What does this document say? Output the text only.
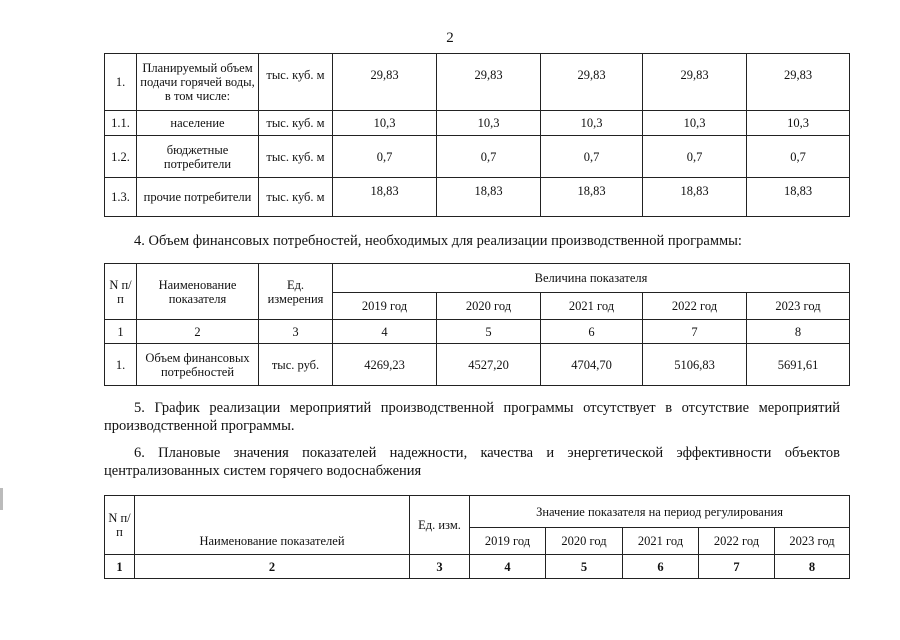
2
1.	Планируемый объем подачи горячей воды, в том числе:	тыс. куб. м	29,83	29,83	29,83	29,83	29,83
1.1.	население	тыс. куб. м	10,3	10,3	10,3	10,3	10,3
1.2.	бюджетные потребители	тыс. куб. м	0,7	0,7	0,7	0,7	0,7
1.3.	прочие потребители	тыс. куб. м	18,83	18,83	18,83	18,83	18,83
4. Объем финансовых потребностей, необходимых для реализации производственной программы:
N п/п	Наименование показателя	Ед. измерения	Величина показателя				
			2019 год	2020 год	2021 год	2022 год	2023 год
1	2	3	4	5	6	7	8
1.	Объем финансовых потребностей	тыс. руб.	4269,23	4527,20	4704,70	5106,83	5691,61
5. График реализации мероприятий производственной программы отсутствует в отсутствие мероприятий производственной программы.
6. Плановые значения показателей надежности, качества и энергетической эффективности объектов централизованных систем горячего водоснабжения
N п/п	Наименование показателей	Ед. изм.	Значение показателя на период регулирования				
			2019 год	2020 год	2021 год	2022 год	2023 год
1	2	3	4	5	6	7	8
